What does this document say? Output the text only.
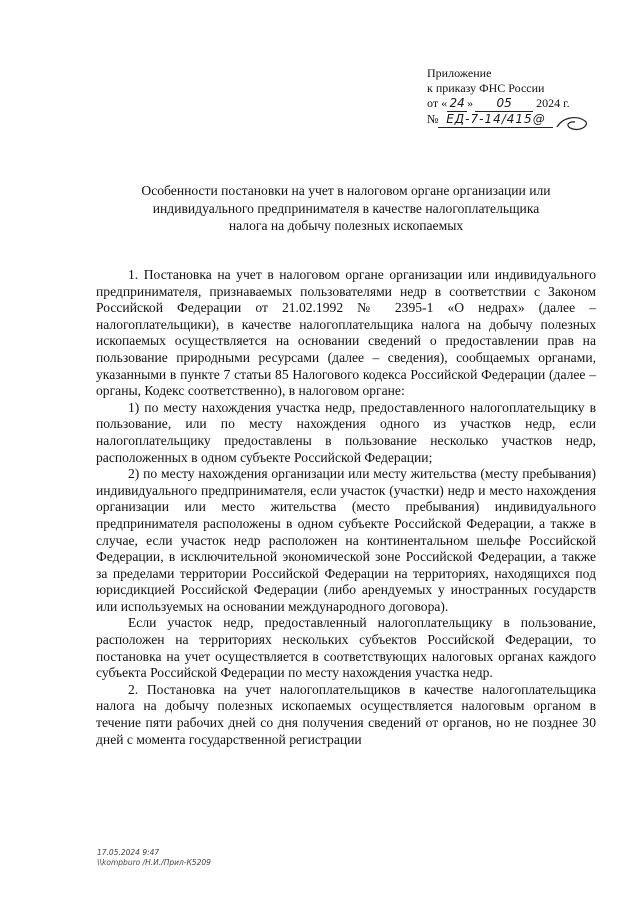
Приложение
к приказу ФНС России
от « 24 » 05 2024 г.
№ ЕД-7-14/415@
Особенности постановки на учет в налоговом органе организации или
индивидуального предпринимателя в качестве налогоплательщика
налога на добычу полезных ископаемых

1. Постановка на учет в налоговом органе организации или индивидуального предпринимателя, признаваемых пользователями недр в соответствии с Законом Российской Федерации от 21.02.1992 № 2395-1 «О недрах» (далее – налогоплательщики), в качестве налогоплательщика налога на добычу полезных ископаемых осуществляется на основании сведений о предоставлении прав на пользование природными ресурсами (далее – сведения), сообщаемых органами, указанными в пункте 7 статьи 85 Налогового кодекса Российской Федерации (далее – органы, Кодекс соответственно), в налоговом органе:

1) по месту нахождения участка недр, предоставленного налогоплательщику в пользование, или по месту нахождения одного из участков недр, если налогоплательщику предоставлены в пользование несколько участков недр, расположенных в одном субъекте Российской Федерации;

2) по месту нахождения организации или месту жительства (месту пребывания) индивидуального предпринимателя, если участок (участки) недр и место нахождения организации или место жительства (место пребывания) индивидуального предпринимателя расположены в одном субъекте Российской Федерации, а также в случае, если участок недр расположен на континентальном шельфе Российской Федерации, в исключительной экономической зоне Российской Федерации, а также за пределами территории Российской Федерации на территориях, находящихся под юрисдикцией Российской Федерации (либо арендуемых у иностранных государств или используемых на основании международного договора).

Если участок недр, предоставленный налогоплательщику в пользование, расположен на территориях нескольких субъектов Российской Федерации, то постановка на учет осуществляется в соответствующих налоговых органах каждого субъекта Российской Федерации по месту нахождения участка недр.

2. Постановка на учет налогоплательщиков в качестве налогоплательщика налога на добычу полезных ископаемых осуществляется налоговым органом в течение пяти рабочих дней со дня получения сведений от органов, но не позднее 30 дней с момента государственной регистрации

17.05.2024 9:47
\\kompburo /Н.И./Прил-К5209
